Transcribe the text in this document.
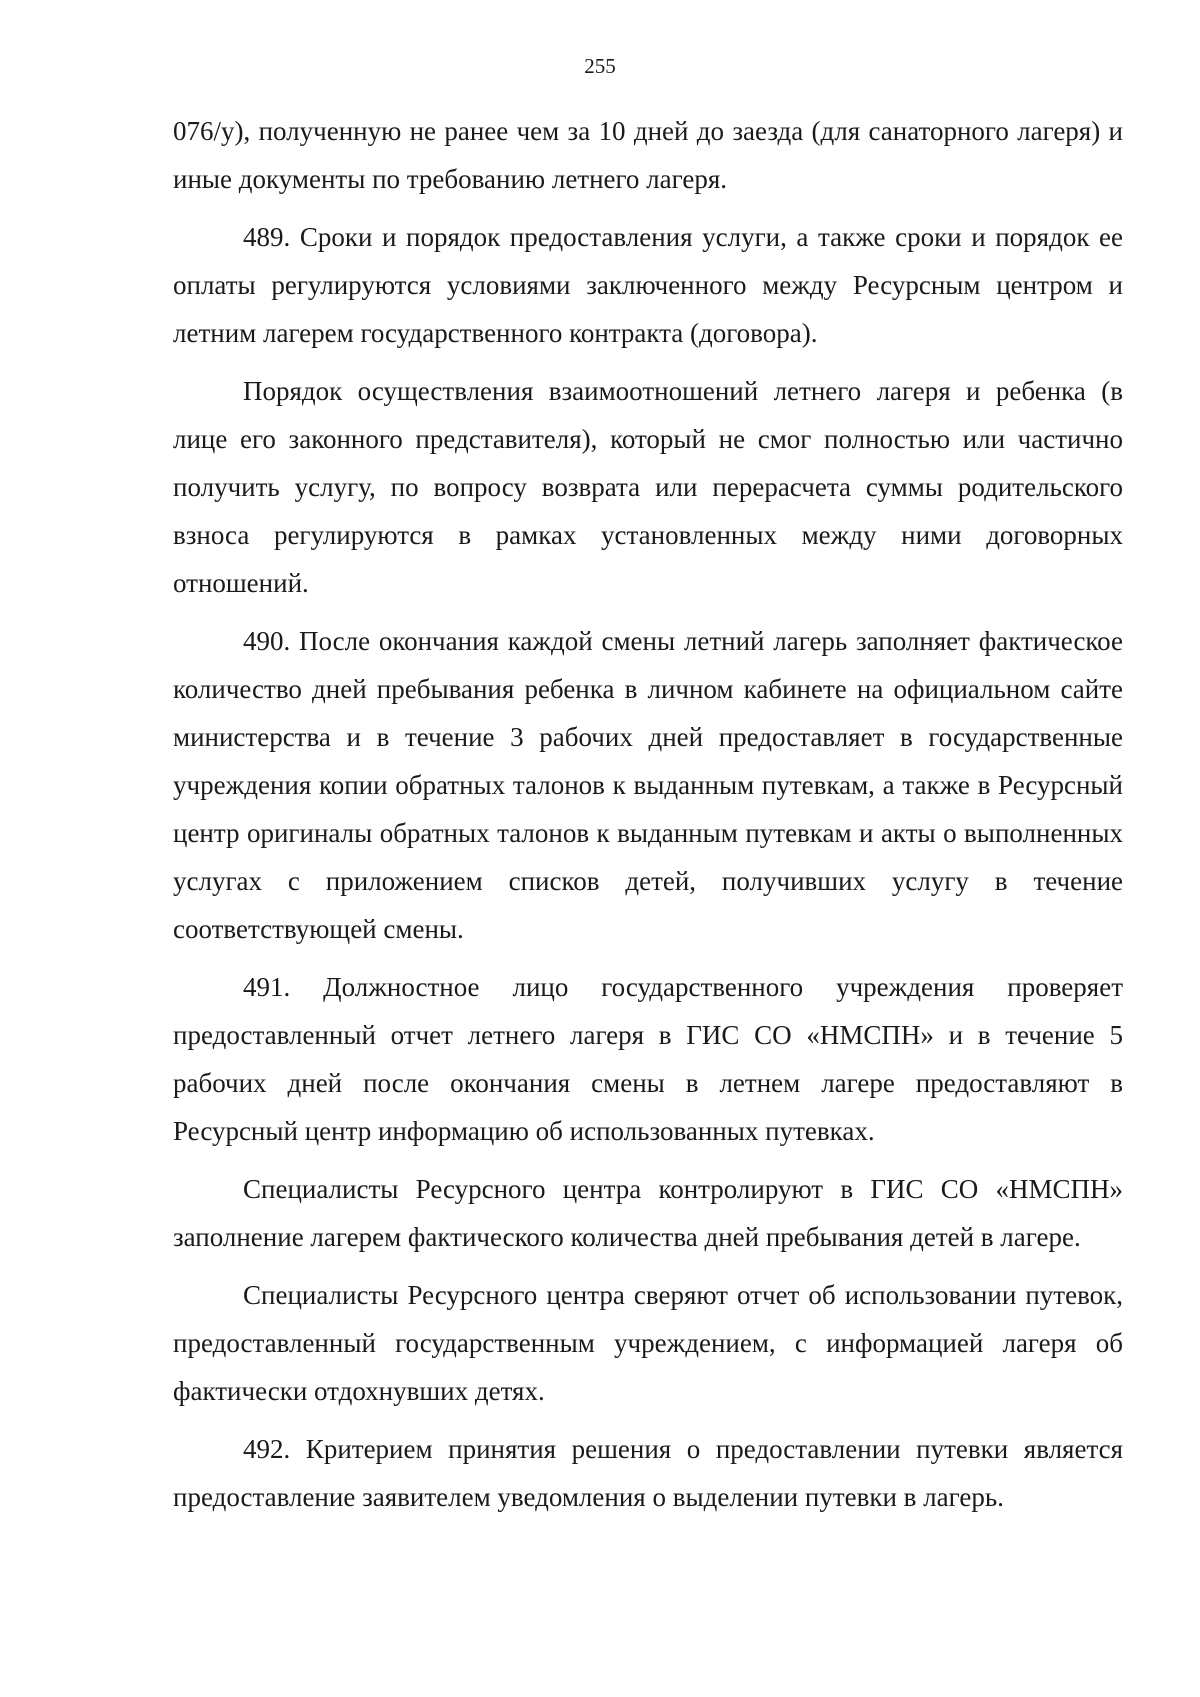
255

076/у), полученную не ранее чем за 10 дней до заезда (для санаторного лагеря) и иные документы по требованию летнего лагеря.

489. Сроки и порядок предоставления услуги, а также сроки и порядок ее оплаты регулируются условиями заключенного между Ресурсным центром и летним лагерем государственного контракта (договора).

Порядок осуществления взаимоотношений летнего лагеря и ребенка (в лице его законного представителя), который не смог полностью или частично получить услугу, по вопросу возврата или перерасчета суммы родительского взноса регулируются в рамках установленных между ними договорных отношений.

490. После окончания каждой смены летний лагерь заполняет фактическое количество дней пребывания ребенка в личном кабинете на официальном сайте министерства и в течение 3 рабочих дней предоставляет в государственные учреждения копии обратных талонов к выданным путевкам, а также в Ресурсный центр оригиналы обратных талонов к выданным путевкам и акты о выполненных услугах с приложением списков детей, получивших услугу в течение соответствующей смены.

491. Должностное лицо государственного учреждения проверяет предоставленный отчет летнего лагеря в ГИС СО «НМСПН» и в течение 5 рабочих дней после окончания смены в летнем лагере предоставляют в Ресурсный центр информацию об использованных путевках.

Специалисты Ресурсного центра контролируют в ГИС СО «НМСПН» заполнение лагерем фактического количества дней пребывания детей в лагере.

Специалисты Ресурсного центра сверяют отчет об использовании путевок, предоставленный государственным учреждением, с информацией лагеря об фактически отдохнувших детях.

492. Критерием принятия решения о предоставлении путевки является предоставление заявителем уведомления о выделении путевки в лагерь.
